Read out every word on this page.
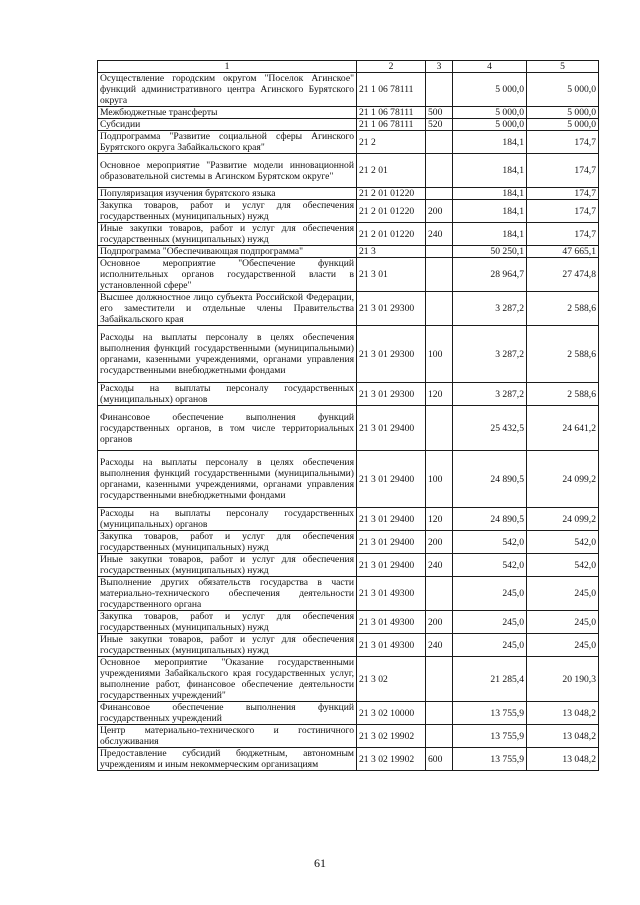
1	2	3	4	5
Осуществление городским округом "Поселок Агинское" функций административного центра Агинского Бурятского округа	21 1 06 78111		5 000,0	5 000,0
Межбюджетные трансферты	21 1 06 78111	500	5 000,0	5 000,0
Субсидии	21 1 06 78111	520	5 000,0	5 000,0
Подпрограмма "Развитие социальной сферы Агинского Бурятского округа Забайкальского края"	21 2		184,1	174,7
Основное мероприятие "Развитие модели инновационной образовательной системы в Агинском Бурятском округе"	21 2 01		184,1	174,7
Популяризация изучения бурятского языка	21 2 01 01220		184,1	174,7
Закупка товаров, работ и услуг для обеспечения государственных (муниципальных) нужд	21 2 01 01220	200	184,1	174,7
Иные закупки товаров, работ и услуг для обеспечения государственных (муниципальных) нужд	21 2 01 01220	240	184,1	174,7
Подпрограмма "Обеспечивающая подпрограмма"	21 3		50 250,1	47 665,1
Основное мероприятие "Обеспечение функций исполнительных органов государственной власти в установленной сфере"	21 3 01		28 964,7	27 474,8
Высшее должностное лицо субъекта Российской Федерации, его заместители и отдельные члены Правительства Забайкальского края	21 3 01 29300		3 287,2	2 588,6
Расходы на выплаты персоналу в целях обеспечения выполнения функций государственными (муниципальными) органами, казенными учреждениями, органами управления государственными внебюджетными фондами	21 3 01 29300	100	3 287,2	2 588,6
Расходы на выплаты персоналу государственных (муниципальных) органов	21 3 01 29300	120	3 287,2	2 588,6
Финансовое обеспечение выполнения функций государственных органов, в том числе территориальных органов	21 3 01 29400		25 432,5	24 641,2
Расходы на выплаты персоналу в целях обеспечения выполнения функций государственными (муниципальными) органами, казенными учреждениями, органами управления государственными внебюджетными фондами	21 3 01 29400	100	24 890,5	24 099,2
Расходы на выплаты персоналу государственных (муниципальных) органов	21 3 01 29400	120	24 890,5	24 099,2
Закупка товаров, работ и услуг для обеспечения государственных (муниципальных) нужд	21 3 01 29400	200	542,0	542,0
Иные закупки товаров, работ и услуг для обеспечения государственных (муниципальных) нужд	21 3 01 29400	240	542,0	542,0
Выполнение других обязательств государства в части материально-технического обеспечения деятельности государственного органа	21 3 01 49300		245,0	245,0
Закупка товаров, работ и услуг для обеспечения государственных (муниципальных) нужд	21 3 01 49300	200	245,0	245,0
Иные закупки товаров, работ и услуг для обеспечения государственных (муниципальных) нужд	21 3 01 49300	240	245,0	245,0
Основное мероприятие "Оказание государственными учреждениями Забайкальского края государственных услуг, выполнение работ, финансовое обеспечение деятельности государственных учреждений"	21 3 02		21 285,4	20 190,3
Финансовое обеспечение выполнения функций государственных учреждений	21 3 02 10000		13 755,9	13 048,2
Центр материально-технического и гостиничного обслуживания	21 3 02 19902		13 755,9	13 048,2
Предоставление субсидий бюджетным, автономным учреждениям и иным некоммерческим организациям	21 3 02 19902	600	13 755,9	13 048,2
61
